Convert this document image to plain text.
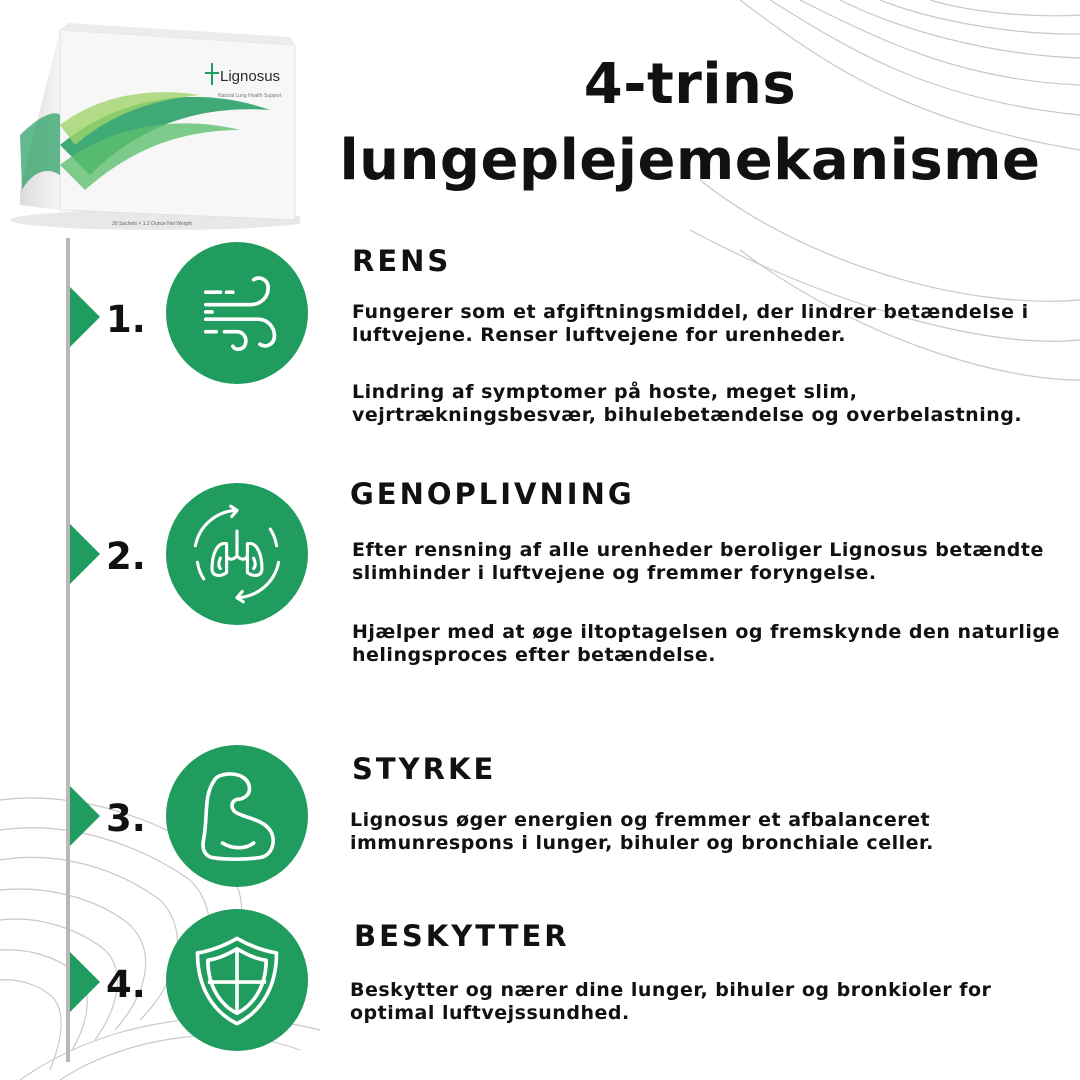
Lignosus
Natural Lung Health Support
30 Sachets × 1.2 Ounce Net Weight
4-trins
lungeplejemekanisme
1.
RENS
Fungerer som et afgiftningsmiddel, der lindrer betændelse i luftvejene. Renser luftvejene for urenheder.
Lindring af symptomer på hoste, meget slim, vejrtrækningsbesvær, bihulebetændelse og overbelastning.
2.
GENOPLIVNING
Efter rensning af alle urenheder beroliger Lignosus betændte slimhinder i luftvejene og fremmer foryngelse.
Hjælper med at øge iltoptagelsen og fremskynde den naturlige helingsproces efter betændelse.
3.
STYRKE
Lignosus øger energien og fremmer et afbalanceret immunrespons i lunger, bihuler og bronchiale celler.
4.
BESKYTTER
Beskytter og nærer dine lunger, bihuler og bronkioler for optimal luftvejssundhed.
